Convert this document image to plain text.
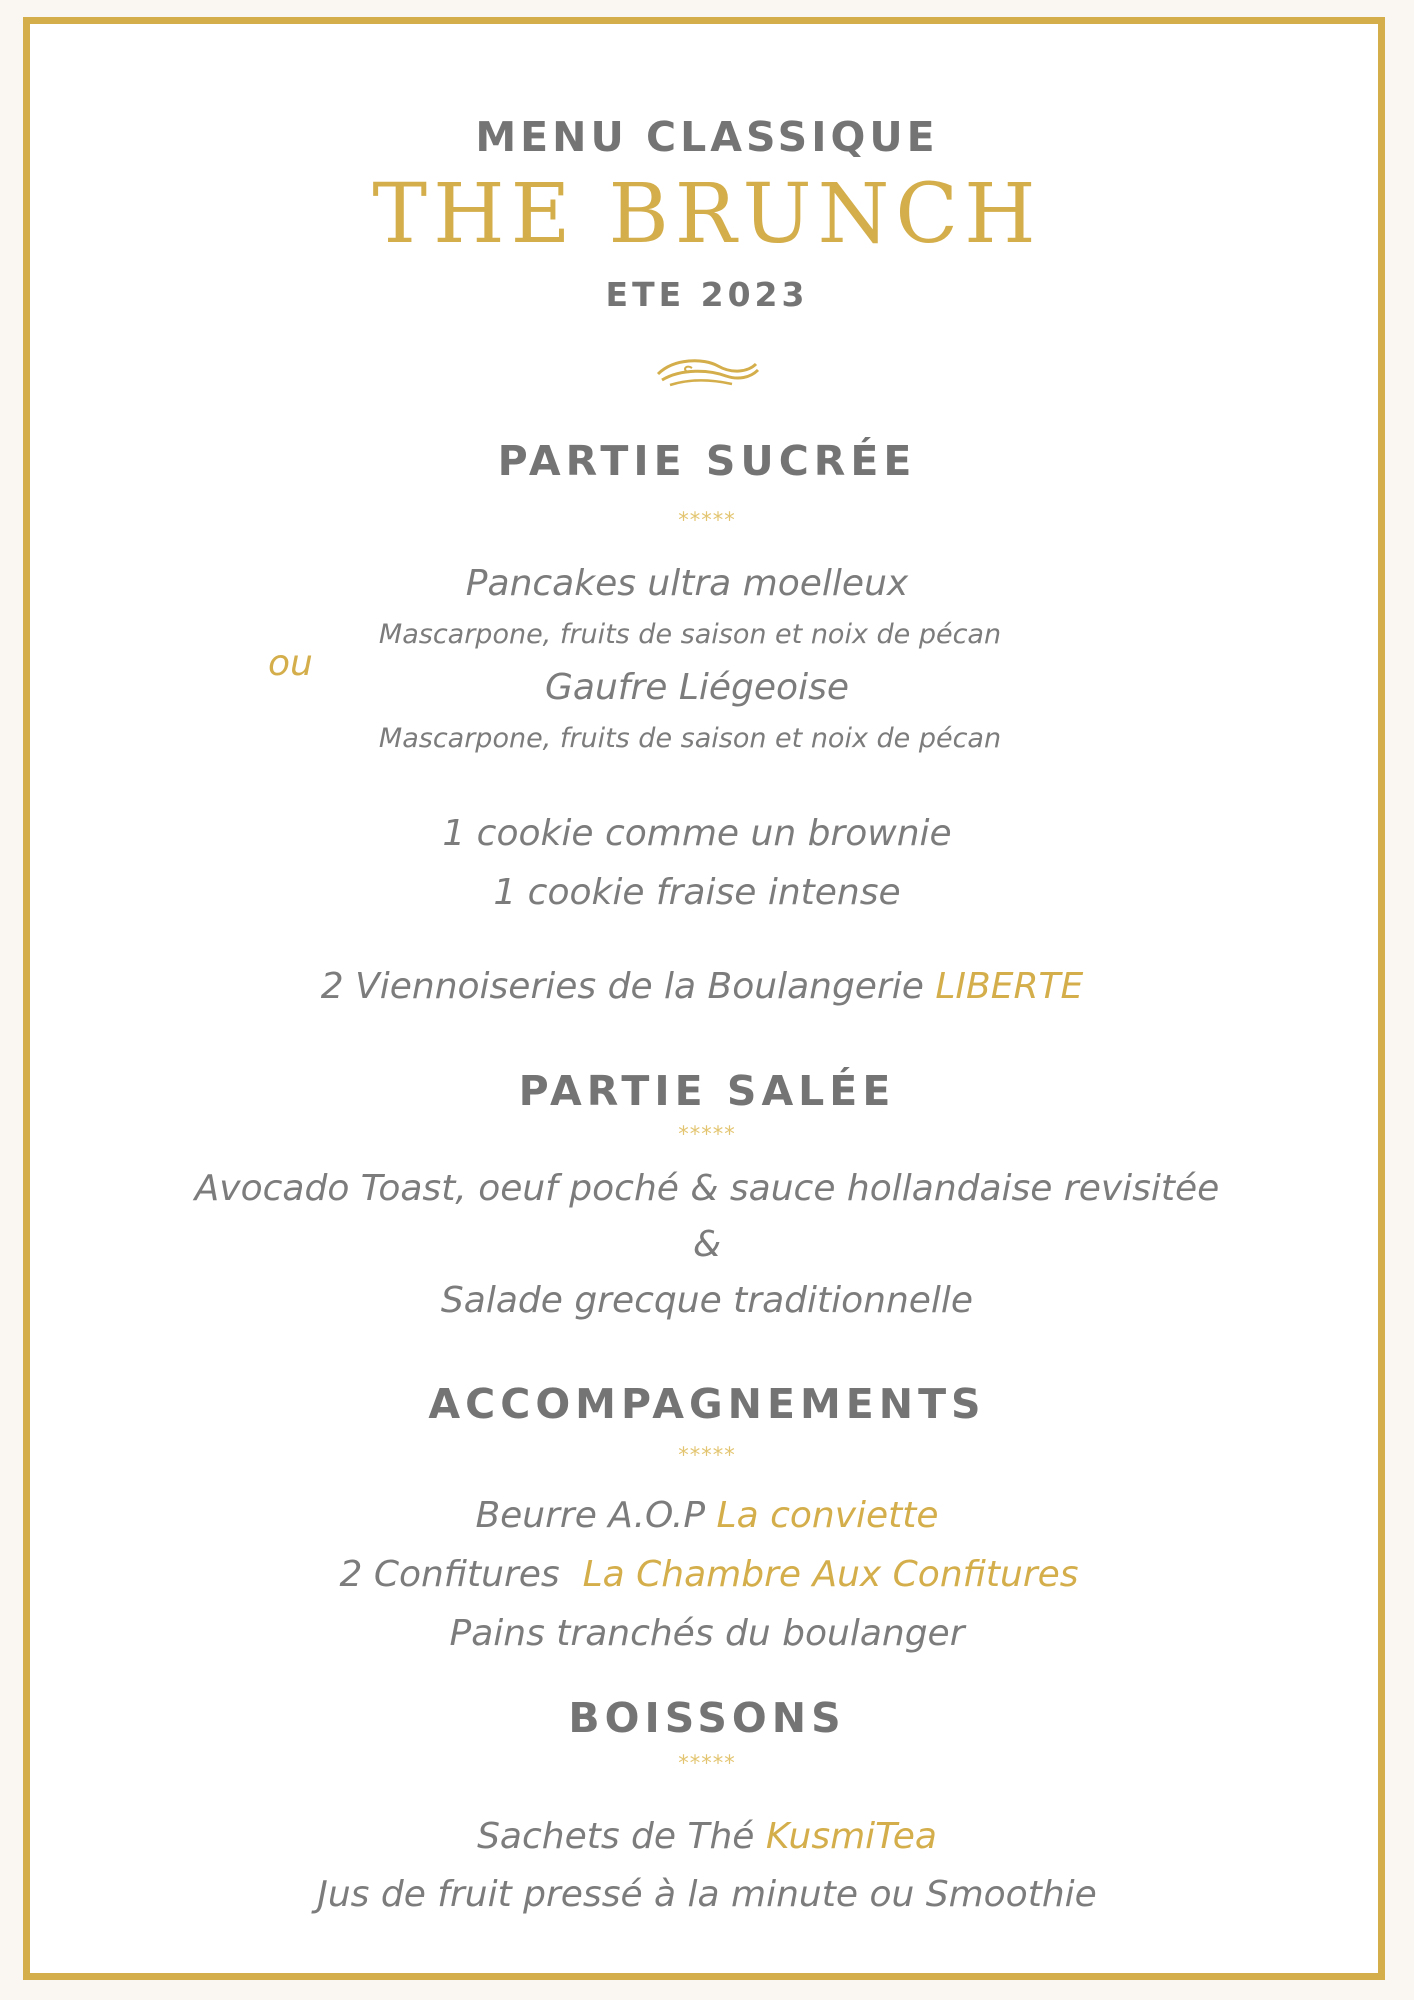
MENU CLASSIQUE
THE BRUNCH
ETE 2023
PARTIE SUCRÉE
*****
Pancakes ultra moelleux
Mascarpone, fruits de saison et noix de pécan
ou
Gaufre Liégeoise
Mascarpone, fruits de saison et noix de pécan
1 cookie comme un brownie
1 cookie fraise intense
2 Viennoiseries de la Boulangerie LIBERTE
PARTIE SALÉE
*****
Avocado Toast, oeuf poché & sauce hollandaise revisitée
&
Salade grecque traditionnelle
ACCOMPAGNEMENTS
*****
Beurre A.O.P La conviette
2 Confitures  La Chambre Aux Confitures
Pains tranchés du boulanger
BOISSONS
*****
Sachets de Thé KusmiTea
Jus de fruit pressé à la minute ou Smoothie
